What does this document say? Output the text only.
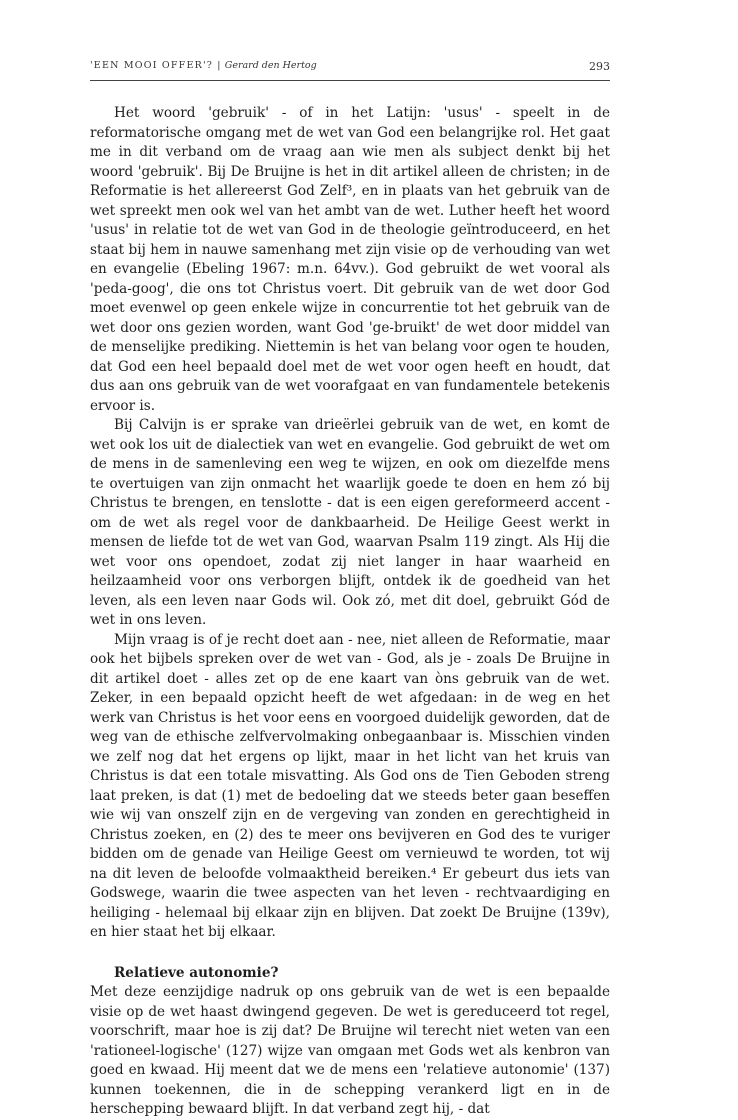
'EEN MOOI OFFER'? | Gerard den Hertog	293

Het woord 'gebruik' - of in het Latijn: 'usus' - speelt in de reformatorische omgang met de wet van God een belangrijke rol. Het gaat me in dit verband om de vraag aan wie men als subject denkt bij het woord 'gebruik'. Bij De Bruijne is het in dit artikel alleen de christen; in de Reformatie is het allereerst God Zelf³, en in plaats van het gebruik van de wet spreekt men ook wel van het ambt van de wet. Luther heeft het woord 'usus' in relatie tot de wet van God in de theologie geïntroduceerd, en het staat bij hem in nauwe samenhang met zijn visie op de verhouding van wet en evangelie (Ebeling 1967: m.n. 64vv.). God gebruikt de wet vooral als 'peda-goog', die ons tot Christus voert. Dit gebruik van de wet door God moet evenwel op geen enkele wijze in concurrentie tot het gebruik van de wet door ons gezien worden, want God 'ge-bruikt' de wet door middel van de menselijke prediking. Niettemin is het van belang voor ogen te houden, dat God een heel bepaald doel met de wet voor ogen heeft en houdt, dat dus aan ons gebruik van de wet voorafgaat en van fundamentele betekenis ervoor is.

Bij Calvijn is er sprake van drieërlei gebruik van de wet, en komt de wet ook los uit de dialectiek van wet en evangelie. God gebruikt de wet om de mens in de samenleving een weg te wijzen, en ook om diezelfde mens te overtuigen van zijn onmacht het waarlijk goede te doen en hem zó bij Christus te brengen, en tenslotte - dat is een eigen gereformeerd accent - om de wet als regel voor de dankbaarheid. De Heilige Geest werkt in mensen de liefde tot de wet van God, waarvan Psalm 119 zingt. Als Hij die wet voor ons opendoet, zodat zij niet langer in haar waarheid en heilzaamheid voor ons verborgen blijft, ontdek ik de goedheid van het leven, als een leven naar Gods wil. Ook zó, met dit doel, gebruikt Gód de wet in ons leven.

Mijn vraag is of je recht doet aan - nee, niet alleen de Reformatie, maar ook het bijbels spreken over de wet van - God, als je - zoals De Bruijne in dit artikel doet - alles zet op de ene kaart van òns gebruik van de wet. Zeker, in een bepaald opzicht heeft de wet afgedaan: in de weg en het werk van Christus is het voor eens en voorgoed duidelijk geworden, dat de weg van de ethische zelfvervolmaking onbegaanbaar is. Misschien vinden we zelf nog dat het ergens op lijkt, maar in het licht van het kruis van Christus is dat een totale misvatting. Als God ons de Tien Geboden streng laat preken, is dat (1) met de bedoeling dat we steeds beter gaan beseffen wie wij van onszelf zijn en de vergeving van zonden en gerechtigheid in Christus zoeken, en (2) des te meer ons bevijveren en God des te vuriger bidden om de genade van Heilige Geest om vernieuwd te worden, tot wij na dit leven de beloofde volmaaktheid bereiken.⁴ Er gebeurt dus iets van Godswege, waarin die twee aspecten van het leven - rechtvaardiging en heiliging - helemaal bij elkaar zijn en blijven. Dat zoekt De Bruijne (139v), en hier staat het bij elkaar.

Relatieve autonomie?

Met deze eenzijdige nadruk op ons gebruik van de wet is een bepaalde visie op de wet haast dwingend gegeven. De wet is gereduceerd tot regel, voorschrift, maar hoe is zij dat? De Bruijne wil terecht niet weten van een 'rationeel-logische' (127) wijze van omgaan met Gods wet als kenbron van goed en kwaad. Hij meent dat we de mens een 'relatieve autonomie' (137) kunnen toekennen, die in de schepping verankerd ligt en in de herschepping bewaard blijft. In dat verband zegt hij, - dat
